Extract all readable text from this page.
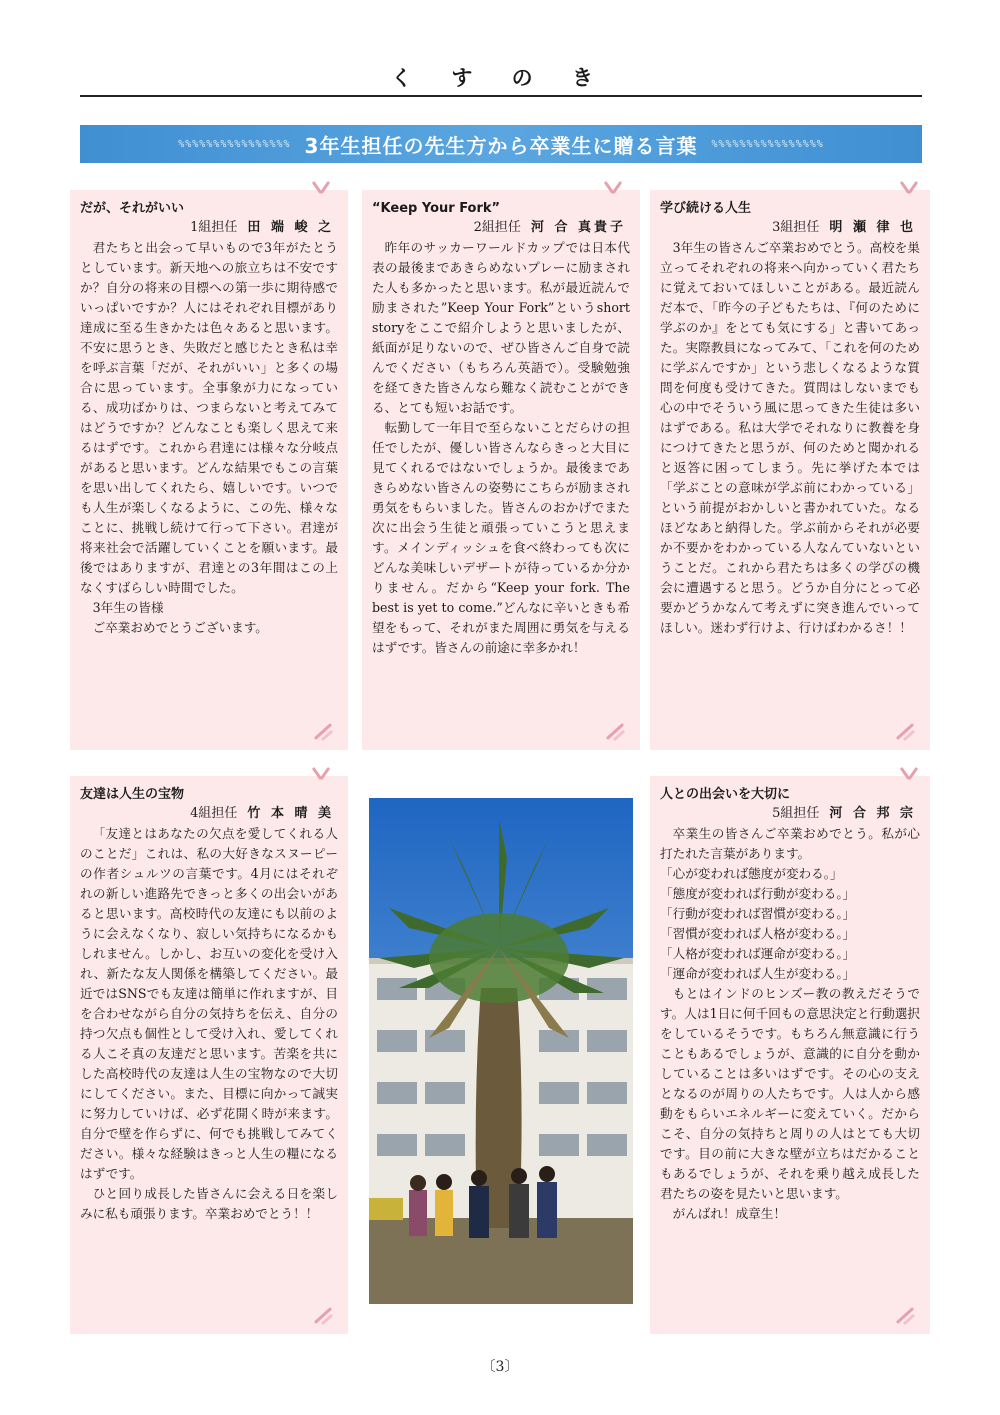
く す の き
%%%%%%%%%%%%%%%% 3年生担任の先生方から卒業生に贈る言葉 %%%%%%%%%%%%%%%%
だが、それがいい
1組担任 田 端 峻 之

君たちと出会って早いもので3年がたとうとしています。新天地への旅立ちは不安ですか？自分の将来の目標への第一歩に期待感でいっぱいですか？人にはそれぞれ目標があり達成に至る生きかたは色々あると思います。不安に思うとき、失敗だと感じたとき私は幸を呼ぶ言葉「だが、それがいい」と多くの場合に思っています。全事象が力になっている、成功ばかりは、つまらないと考えてみてはどうですか？どんなことも楽しく思えて来るはずです。これから君達には様々な分岐点があると思います。どんな結果でもこの言葉を思い出してくれたら、嬉しいです。いつでも人生が楽しくなるように、この先、様々なことに、挑戦し続けて行って下さい。君達が将来社会で活躍していくことを願います。最後ではありますが、君達との3年間はこの上なくすばらしい時間でした。

3年生の皆様

ご卒業おめでとうございます。

“Keep Your Fork”
2組担任 河 合 真貴子

昨年のサッカーワールドカップでは日本代表の最後まであきらめないプレーに励まされた人も多かったと思います。私が最近読んで励まされた”Keep Your Fork”というshort storyをここで紹介しようと思いましたが、紙面が足りないので、ぜひ皆さんご自身で読んでください（もちろん英語で）。受験勉強を経てきた皆さんなら難なく読むことができる、とても短いお話です。

転勤して一年目で至らないことだらけの担任でしたが、優しい皆さんならきっと大目に見てくれるではないでしょうか。最後まであきらめない皆さんの姿勢にこちらが励まされ勇気をもらいました。皆さんのおかげでまた次に出会う生徒と頑張っていこうと思えます。メインディッシュを食べ終わっても次にどんな美味しいデザートが待っているか分かりません。だから“Keep your fork. The best is yet to come.”どんなに辛いときも希望をもって、それがまた周囲に勇気を与えるはずです。皆さんの前途に幸多かれ！

学び続ける人生
3組担任 明 瀬 律 也

3年生の皆さんご卒業おめでとう。高校を巣立ってそれぞれの将来へ向かっていく君たちに覚えておいてほしいことがある。最近読んだ本で、「昨今の子どもたちは、『何のために学ぶのか』をとても気にする」と書いてあった。実際教員になってみて、「これを何のために学ぶんですか」という悲しくなるような質問を何度も受けてきた。質問はしないまでも心の中でそういう風に思ってきた生徒は多いはずである。私は大学でそれなりに教養を身につけてきたと思うが、何のためと聞かれると返答に困ってしまう。先に挙げた本では「学ぶことの意味が学ぶ前にわかっている」という前提がおかしいと書かれていた。なるほどなあと納得した。学ぶ前からそれが必要か不要かをわかっている人なんていないということだ。これから君たちは多くの学びの機会に遭遇すると思う。どうか自分にとって必要かどうかなんて考えずに突き進んでいってほしい。迷わず行けよ、行けばわかるさ！！

友達は人生の宝物
4組担任 竹 本 晴 美

「友達とはあなたの欠点を愛してくれる人のことだ」これは、私の大好きなスヌーピーの作者シュルツの言葉です。4月にはそれぞれの新しい進路先できっと多くの出会いがあると思います。高校時代の友達にも以前のように会えなくなり、寂しい気持ちになるかもしれません。しかし、お互いの変化を受け入れ、新たな友人関係を構築してください。最近ではSNSでも友達は簡単に作れますが、目を合わせながら自分の気持ちを伝え、自分の持つ欠点も個性として受け入れ、愛してくれる人こそ真の友達だと思います。苦楽を共にした高校時代の友達は人生の宝物なので大切にしてください。また、目標に向かって誠実に努力していけば、必ず花開く時が来ます。自分で壁を作らずに、何でも挑戦してみてください。様々な経験はきっと人生の糧になるはずです。

ひと回り成長した皆さんに会える日を楽しみに私も頑張ります。卒業おめでとう！！

人との出会いを大切に
5組担任 河 合 邦 宗

卒業生の皆さんご卒業おめでとう。私が心打たれた言葉があります。

「心が変われば態度が変わる。」

「態度が変われば行動が変わる。」

「行動が変われば習慣が変わる。」

「習慣が変われば人格が変わる。」

「人格が変われば運命が変わる。」

「運命が変われば人生が変わる。」

もとはインドのヒンズー教の教えだそうです。人は1日に何千回もの意思決定と行動選択をしているそうです。もちろん無意識に行うこともあるでしょうが、意識的に自分を動かしていることは多いはずです。その心の支えとなるのが周りの人たちです。人は人から感動をもらいエネルギーに変えていく。だからこそ、自分の気持ちと周りの人はとても大切です。目の前に大きな壁が立ちはだかることもあるでしょうが、それを乗り越え成長した君たちの姿を見たいと思います。

がんばれ！成章生！

〔3〕
